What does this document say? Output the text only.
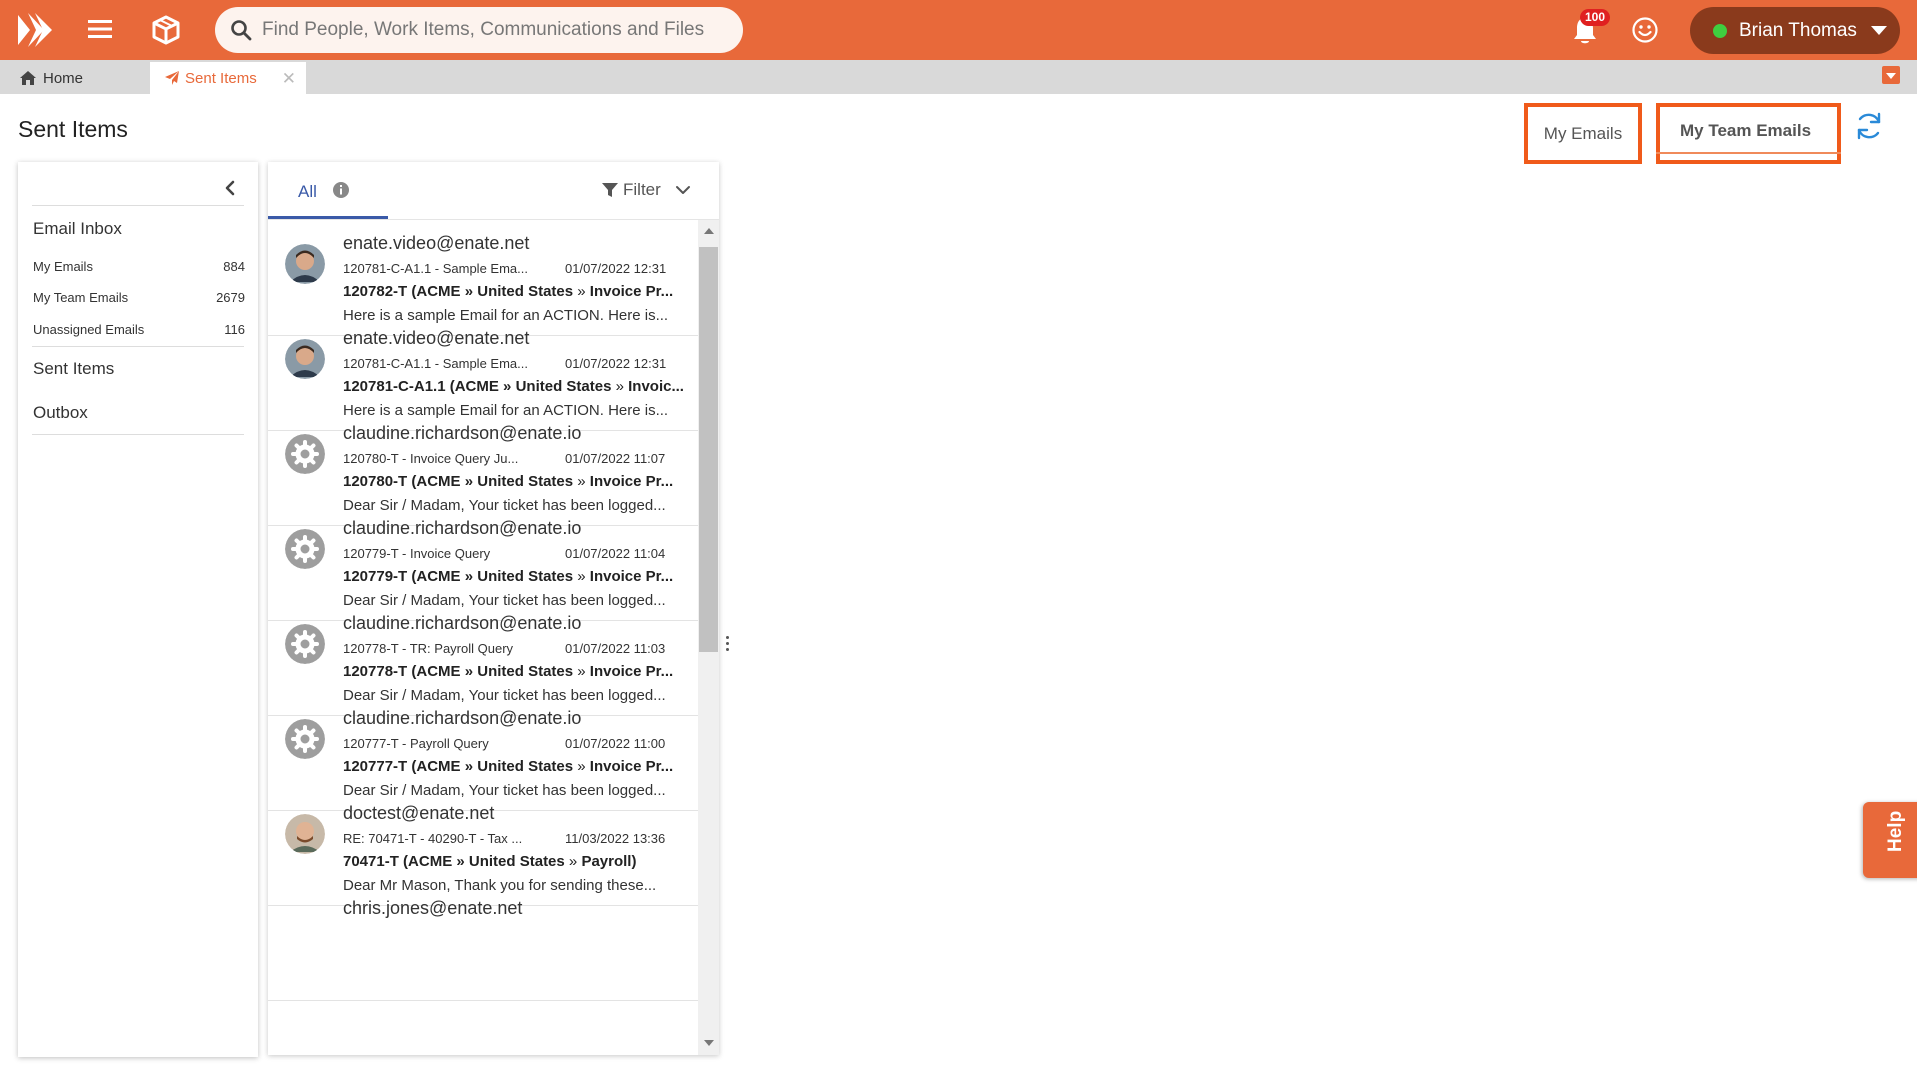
Find People, Work Items, Communications and Files
100
Brian Thomas
Home	Sent Items ✕
Sent Items	My Emails	My Team Emails
Email Inbox
My Emails	884
My Team Emails	2679
Unassigned Emails	116
Sent Items
Outbox
All	Filter
enate.video@enate.net
120781-C-A1.1 - Sample Ema...	01/07/2022 12:31
120782-T (ACME » United States » Invoice Pr...
Here is a sample Email for an ACTION. Here is...
enate.video@enate.net
120781-C-A1.1 - Sample Ema...	01/07/2022 12:31
120781-C-A1.1 (ACME » United States » Invoic...
Here is a sample Email for an ACTION. Here is...
claudine.richardson@enate.io
120780-T - Invoice Query Ju...	01/07/2022 11:07
120780-T (ACME » United States » Invoice Pr...
Dear Sir / Madam, Your ticket has been logged...
claudine.richardson@enate.io
120779-T - Invoice Query	01/07/2022 11:04
120779-T (ACME » United States » Invoice Pr...
Dear Sir / Madam, Your ticket has been logged...
claudine.richardson@enate.io
120778-T - TR: Payroll Query	01/07/2022 11:03
120778-T (ACME » United States » Invoice Pr...
Dear Sir / Madam, Your ticket has been logged...
claudine.richardson@enate.io
120777-T - Payroll Query	01/07/2022 11:00
120777-T (ACME » United States » Invoice Pr...
Dear Sir / Madam, Your ticket has been logged...
doctest@enate.net
RE: 70471-T - 40290-T - Tax ...	11/03/2022 13:36
70471-T (ACME » United States » Payroll)
Dear Mr Mason, Thank you for sending these...
chris.jones@enate.net
Help
